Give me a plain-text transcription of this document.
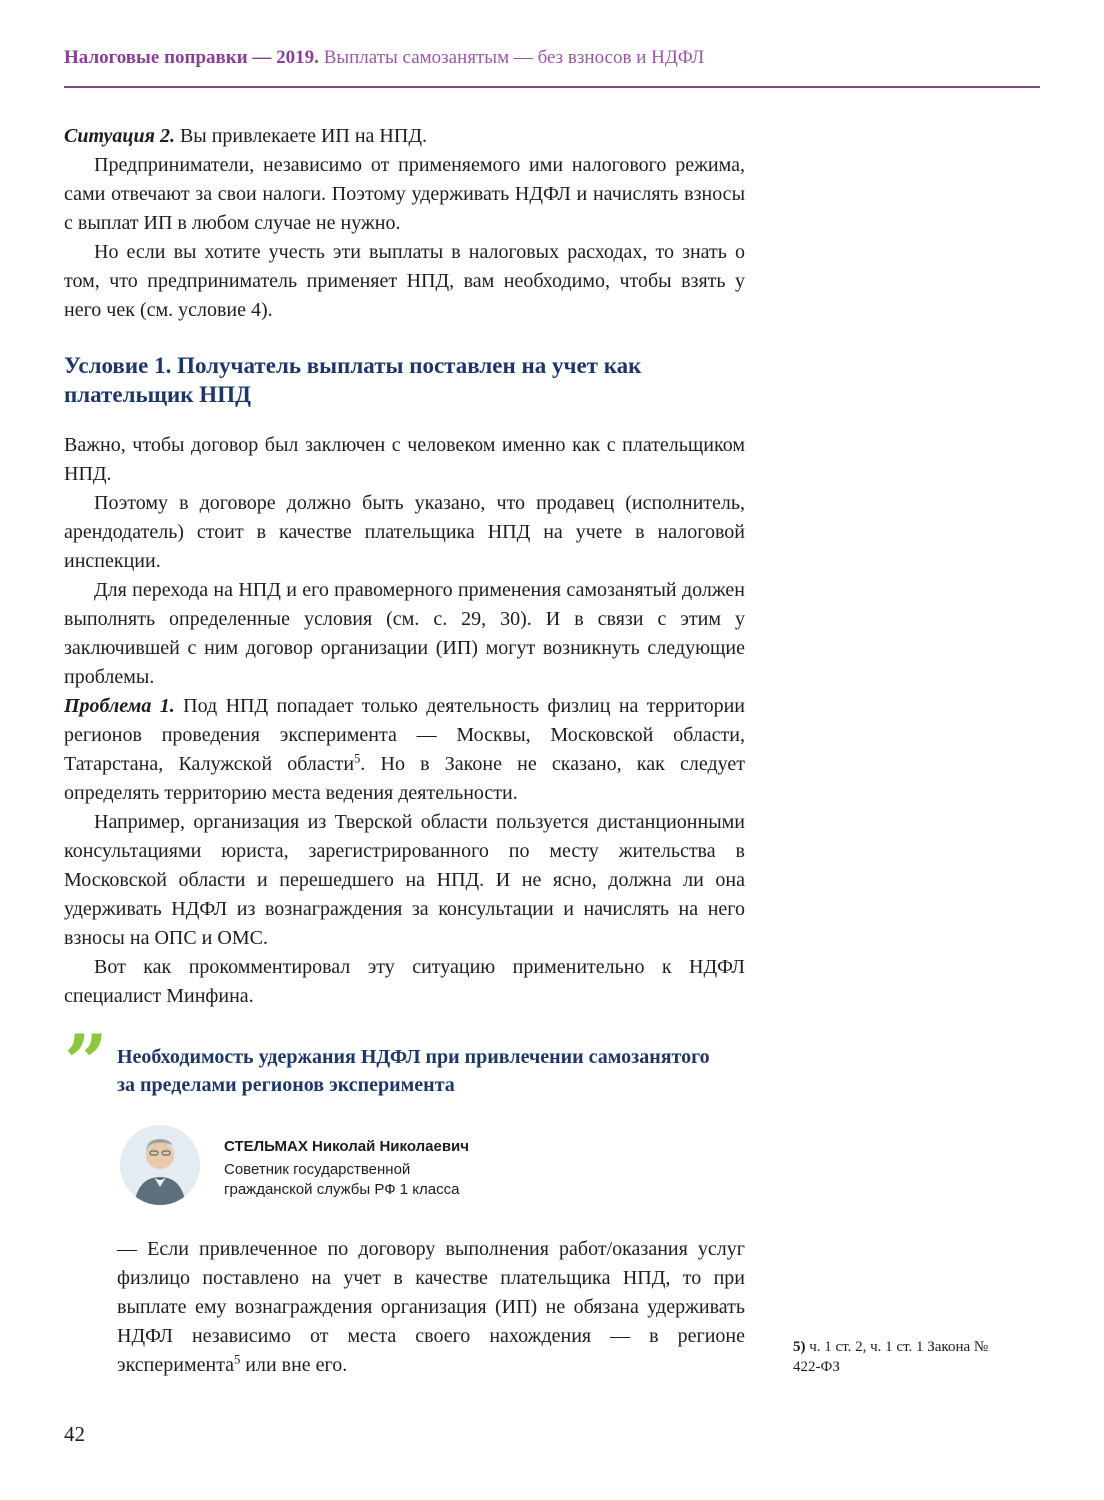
Налоговые поправки — 2019. Выплаты самозанятым — без взносов и НДФЛ

Ситуация 2. Вы привлекаете ИП на НПД.

Предприниматели, независимо от применяемого ими налогового режима, сами отвечают за свои налоги. Поэтому удерживать НДФЛ и начислять взносы с выплат ИП в любом случае не нужно.

Но если вы хотите учесть эти выплаты в налоговых расходах, то знать о том, что предприниматель применяет НПД, вам необходимо, чтобы взять у него чек (см. условие 4).

Условие 1. Получатель выплаты поставлен на учет как плательщик НПД

Важно, чтобы договор был заключен с человеком именно как с плательщиком НПД.

Поэтому в договоре должно быть указано, что продавец (исполнитель, арендодатель) стоит в качестве плательщика НПД на учете в налоговой инспекции.

Для перехода на НПД и его правомерного применения самозанятый должен выполнять определенные условия (см. с. 29, 30). И в связи с этим у заключившей с ним договор организации (ИП) могут возникнуть следующие проблемы.

Проблема 1. Под НПД попадает только деятельность физлиц на территории регионов проведения эксперимента — Москвы, Московской области, Татарстана, Калужской области$^5$. Но в Законе не сказано, как следует определять территорию места ведения деятельности.

Например, организация из Тверской области пользуется дистанционными консультациями юриста, зарегистрированного по месту жительства в Московской области и перешедшего на НПД. И не ясно, должна ли она удерживать НДФЛ из вознаграждения за консультации и начислять на него взносы на ОПС и ОМС.

Вот как прокомментировал эту ситуацию применительно к НДФЛ специалист Минфина.

” Необходимость удержания НДФЛ при привлечении самозанятого за пределами регионов эксперимента
СТЕЛЬМАХ Николай Николаевич
Советник государственной гражданской службы РФ 1 класса

— Если привлеченное по договору выполнения работ/оказания услуг физлицо поставлено на учет в качестве плательщика НПД, то при выплате ему вознаграждения организация (ИП) не обязана удерживать НДФЛ независимо от места своего нахождения — в регионе эксперимента$^5$ или вне его.

5) ч. 1 ст. 2, ч. 1 ст. 1 Закона № 422-ФЗ
42
